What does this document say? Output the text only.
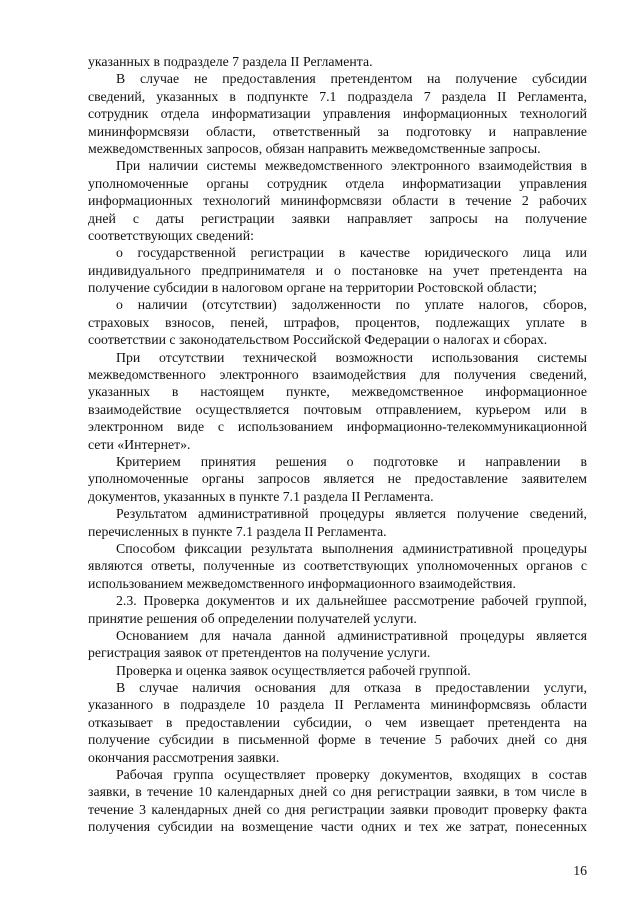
указанных в подразделе 7 раздела II Регламента.
В случае не предоставления претендентом на получение субсидии
сведений, указанных в подпункте 7.1 подраздела 7 раздела II Регламента,
сотрудник отдела информатизации управления информационных технологий
мининформсвязи области, ответственный за подготовку и направление
межведомственных запросов, обязан направить межведомственные запросы.
При наличии системы межведомственного электронного взаимодействия в
уполномоченные органы сотрудник отдела информатизации управления
информационных технологий мининформсвязи области в течение 2 рабочих
дней с даты регистрации заявки направляет запросы на получение
соответствующих сведений:
о государственной регистрации в качестве юридического лица или
индивидуального предпринимателя и о постановке на учет претендента на
получение субсидии в налоговом органе на территории Ростовской области;
о наличии (отсутствии) задолженности по уплате налогов, сборов,
страховых взносов, пеней, штрафов, процентов, подлежащих уплате в
соответствии с законодательством Российской Федерации о налогах и сборах.
При отсутствии технической возможности использования системы
межведомственного электронного взаимодействия для получения сведений,
указанных в настоящем пункте, межведомственное информационное
взаимодействие осуществляется почтовым отправлением, курьером или в
электронном виде с использованием информационно-телекоммуникационной
сети «Интернет».
Критерием принятия решения о подготовке и направлении в
уполномоченные органы запросов является не предоставление заявителем
документов, указанных в пункте 7.1 раздела II Регламента.
Результатом административной процедуры является получение сведений,
перечисленных в пункте 7.1 раздела II Регламента.
Способом фиксации результата выполнения административной процедуры
являются ответы, полученные из соответствующих уполномоченных органов с
использованием межведомственного информационного взаимодействия.
2.3. Проверка документов и их дальнейшее рассмотрение рабочей группой,
принятие решения об определении получателей услуги.
Основанием для начала данной административной процедуры является
регистрация заявок от претендентов на получение услуги.
Проверка и оценка заявок осуществляется рабочей группой.
В случае наличия основания для отказа в предоставлении услуги,
указанного в подразделе 10 раздела II Регламента мининформсвязь области
отказывает в предоставлении субсидии, о чем извещает претендента на
получение субсидии в письменной форме в течение 5 рабочих дней со дня
окончания рассмотрения заявки.
Рабочая группа осуществляет проверку документов, входящих в состав
заявки, в течение 10 календарных дней со дня регистрации заявки, в том числе в
течение 3 календарных дней со дня регистрации заявки проводит проверку факта
получения субсидии на возмещение части одних и тех же затрат, понесенных
16
